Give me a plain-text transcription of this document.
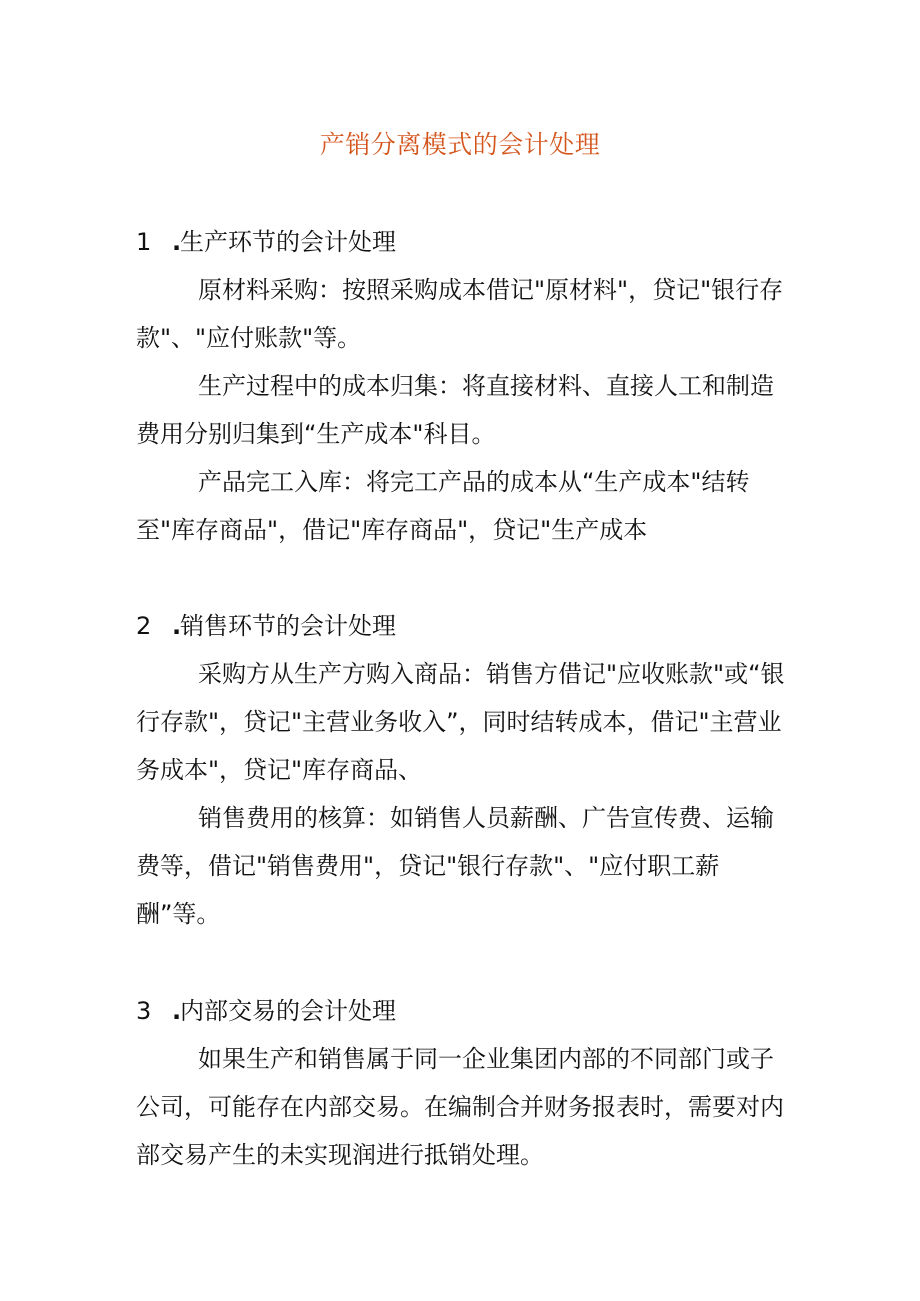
产销分离模式的会计处理
1 .
生产环节的会计处理

原材料采购：按照采购成本借记"原材料"，贷记"银行存款"、"应付账款"等。

生产过程中的成本归集：将直接材料、直接人工和制造费用分别归集到“生产成本"科目。

产品完工入库：将完工产品的成本从“生产成本"结转至"库存商品"，借记"库存商品"，贷记"生产成本

2 .
销售环节的会计处理

采购方从生产方购入商品：销售方借记"应收账款"或“银行存款"，贷记"主营业务收入”，同时结转成本，借记"主营业务成本"，贷记"库存商品、

销售费用的核算：如销售人员薪酬、广告宣传费、运输费等，借记"销售费用"，贷记"银行存款"、"应付职工薪酬”等。

3 .
内部交易的会计处理

如果生产和销售属于同一企业集团内部的不同部门或子公司，可能存在内部交易。在编制合并财务报表时，需要对内部交易产生的未实现润进行抵销处理。
